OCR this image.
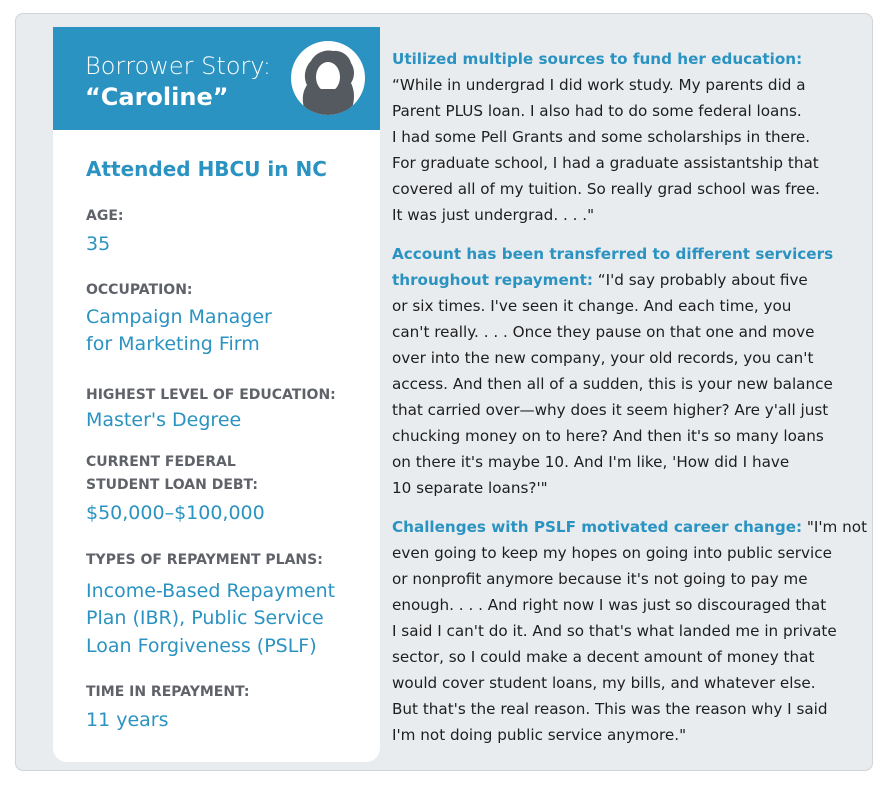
Borrower Story:
“Caroline”
Attended HBCU in NC
AGE:
35
OCCUPATION:
Campaign Manager
for Marketing Firm
HIGHEST LEVEL OF EDUCATION:
Master's Degree
CURRENT FEDERAL
STUDENT LOAN DEBT:
$50,000–$100,000
TYPES OF REPAYMENT PLANS:
Income-Based Repayment
Plan (IBR), Public Service
Loan Forgiveness (PSLF)
TIME IN REPAYMENT:
11 years
Utilized multiple sources to fund her education:
“While in undergrad I did work study. My parents did a
Parent PLUS loan. I also had to do some federal loans.
I had some Pell Grants and some scholarships in there.
For graduate school, I had a graduate assistantship that
covered all of my tuition. So really grad school was free.
It was just undergrad. . . ."
Account has been transferred to different servicers
throughout repayment: “I'd say probably about five
or six times. I've seen it change. And each time, you
can't really. . . . Once they pause on that one and move
over into the new company, your old records, you can't
access. And then all of a sudden, this is your new balance
that carried over—why does it seem higher? Are y'all just
chucking money on to here? And then it's so many loans
on there it's maybe 10. And I'm like, 'How did I have
10 separate loans?'"
Challenges with PSLF motivated career change: "I'm not
even going to keep my hopes on going into public service
or nonprofit anymore because it's not going to pay me
enough. . . . And right now I was just so discouraged that
I said I can't do it. And so that's what landed me in private
sector, so I could make a decent amount of money that
would cover student loans, my bills, and whatever else.
But that's the real reason. This was the reason why I said
I'm not doing public service anymore."
